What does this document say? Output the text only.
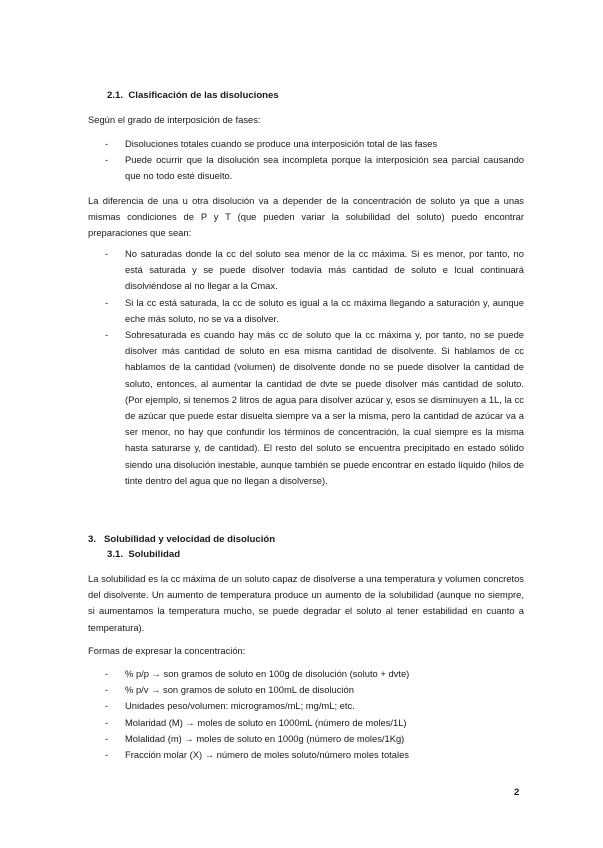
2.1. Clasificación de las disoluciones
Según el grado de interposición de fases:
- Disoluciones totales cuando se produce una interposición total de las fases
- Puede ocurrir que la disolución sea incompleta porque la interposición sea parcial causando que no todo esté disuelto.
La diferencia de una u otra disolución va a depender de la concentración de soluto ya que a unas mismas condiciones de P y T (que pueden variar la solubilidad del soluto) puedo encontrar preparaciones que sean:
- No saturadas donde la cc del soluto sea menor de la cc máxima. Si es menor, por tanto, no está saturada y se puede disolver todavía más cantidad de soluto e lcual continuará disolviéndose al no llegar a la Cmax.
- Si la cc está saturada, la cc de soluto es igual a la cc máxima llegando a saturación y, aunque eche más soluto, no se va a disolver.
- Sobresaturada es cuando hay más cc de soluto que la cc máxima y, por tanto, no se puede disolver más cantidad de soluto en esa misma cantidad de disolvente. Si hablamos de cc hablamos de la cantidad (volumen) de disolvente donde no se puede disolver la cantidad de soluto, entonces, al aumentar la cantidad de dvte se puede disolver más cantidad de soluto. (Por ejemplo, si tenemos 2 litros de agua para disolver azúcar y, esos se disminuyen a 1L, la cc de azúcar que puede estar disuelta siempre va a ser la misma, pero la cantidad de azúcar va a ser menor, no hay que confundir los términos de concentración, la cual siempre es la misma hasta saturarse y, de cantidad). El resto del soluto se encuentra precipitado en estado sólido siendo una disolución inestable, aunque también se puede encontrar en estado líquido (hilos de tinte dentro del agua que no llegan a disolverse).
3. Solubilidad y velocidad de disolución
3.1. Solubilidad
La solubilidad es la cc máxima de un soluto capaz de disolverse a una temperatura y volumen concretos del disolvente. Un aumento de temperatura produce un aumento de la solubilidad (aunque no siempre, si aumentamos la temperatura mucho, se puede degradar el soluto al tener estabilidad en cuanto a temperatura).
Formas de expresar la concentración:
- % p/p → son gramos de soluto en 100g de disolución (soluto + dvte)
- % p/v → son gramos de soluto en 100mL de disolución
- Unidades peso/volumen: microgramos/mL; mg/mL; etc.
- Molaridad (M) → moles de soluto en 1000mL (número de moles/1L)
- Molalidad (m) → moles de soluto en 1000g (número de moles/1Kg)
- Fracción molar (X) → número de moles soluto/número moles totales
2
